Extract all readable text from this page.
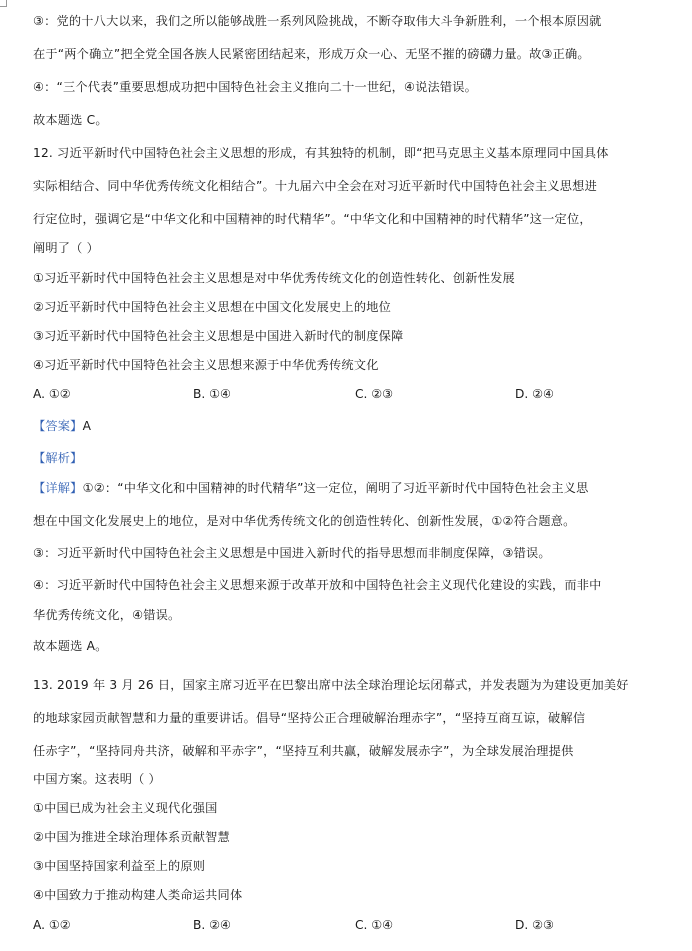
③：党的十八大以来，我们之所以能够战胜一系列风险挑战，不断夺取伟大斗争新胜利，一个根本原因就
在于“两个确立”把全党全国各族人民紧密团结起来，形成万众一心、无坚不摧的磅礴力量。故③正确。
④：“三个代表”重要思想成功把中国特色社会主义推向二十一世纪，④说法错误。
故本题选 C。
12. 习近平新时代中国特色社会主义思想的形成，有其独特的机制，即“把马克思主义基本原理同中国具体
实际相结合、同中华优秀传统文化相结合”。十九届六中全会在对习近平新时代中国特色社会主义思想进
行定位时，强调它是“中华文化和中国精神的时代精华”。“中华文化和中国精神的时代精华”这一定位，
阐明了（ ）
①习近平新时代中国特色社会主义思想是对中华优秀传统文化的创造性转化、创新性发展
②习近平新时代中国特色社会主义思想在中国文化发展史上的地位
③习近平新时代中国特色社会主义思想是中国进入新时代的制度保障
④习近平新时代中国特色社会主义思想来源于中华优秀传统文化
A. ①②	B. ①④	C. ②③	D. ②④
【答案】A
【解析】
【详解】①②：“中华文化和中国精神的时代精华”这一定位，阐明了习近平新时代中国特色社会主义思
想在中国文化发展史上的地位，是对中华优秀传统文化的创造性转化、创新性发展，①②符合题意。
③：习近平新时代中国特色社会主义思想是中国进入新时代的指导思想而非制度保障，③错误。
④：习近平新时代中国特色社会主义思想来源于改革开放和中国特色社会主义现代化建设的实践，而非中
华优秀传统文化，④错误。
故本题选 A。
13. 2019 年 3 月 26 日，国家主席习近平在巴黎出席中法全球治理论坛闭幕式，并发表题为为建设更加美好
的地球家园贡献智慧和力量的重要讲话。倡导“坚持公正合理破解治理赤字”，“坚持互商互谅，破解信
任赤字”，“坚持同舟共济，破解和平赤字”，“坚持互利共赢，破解发展赤字”，为全球发展治理提供
中国方案。这表明（ ）
①中国已成为社会主义现代化强国
②中国为推进全球治理体系贡献智慧
③中国坚持国家利益至上的原则
④中国致力于推动构建人类命运共同体
A. ①②	B. ②④	C. ①④	D. ②③
